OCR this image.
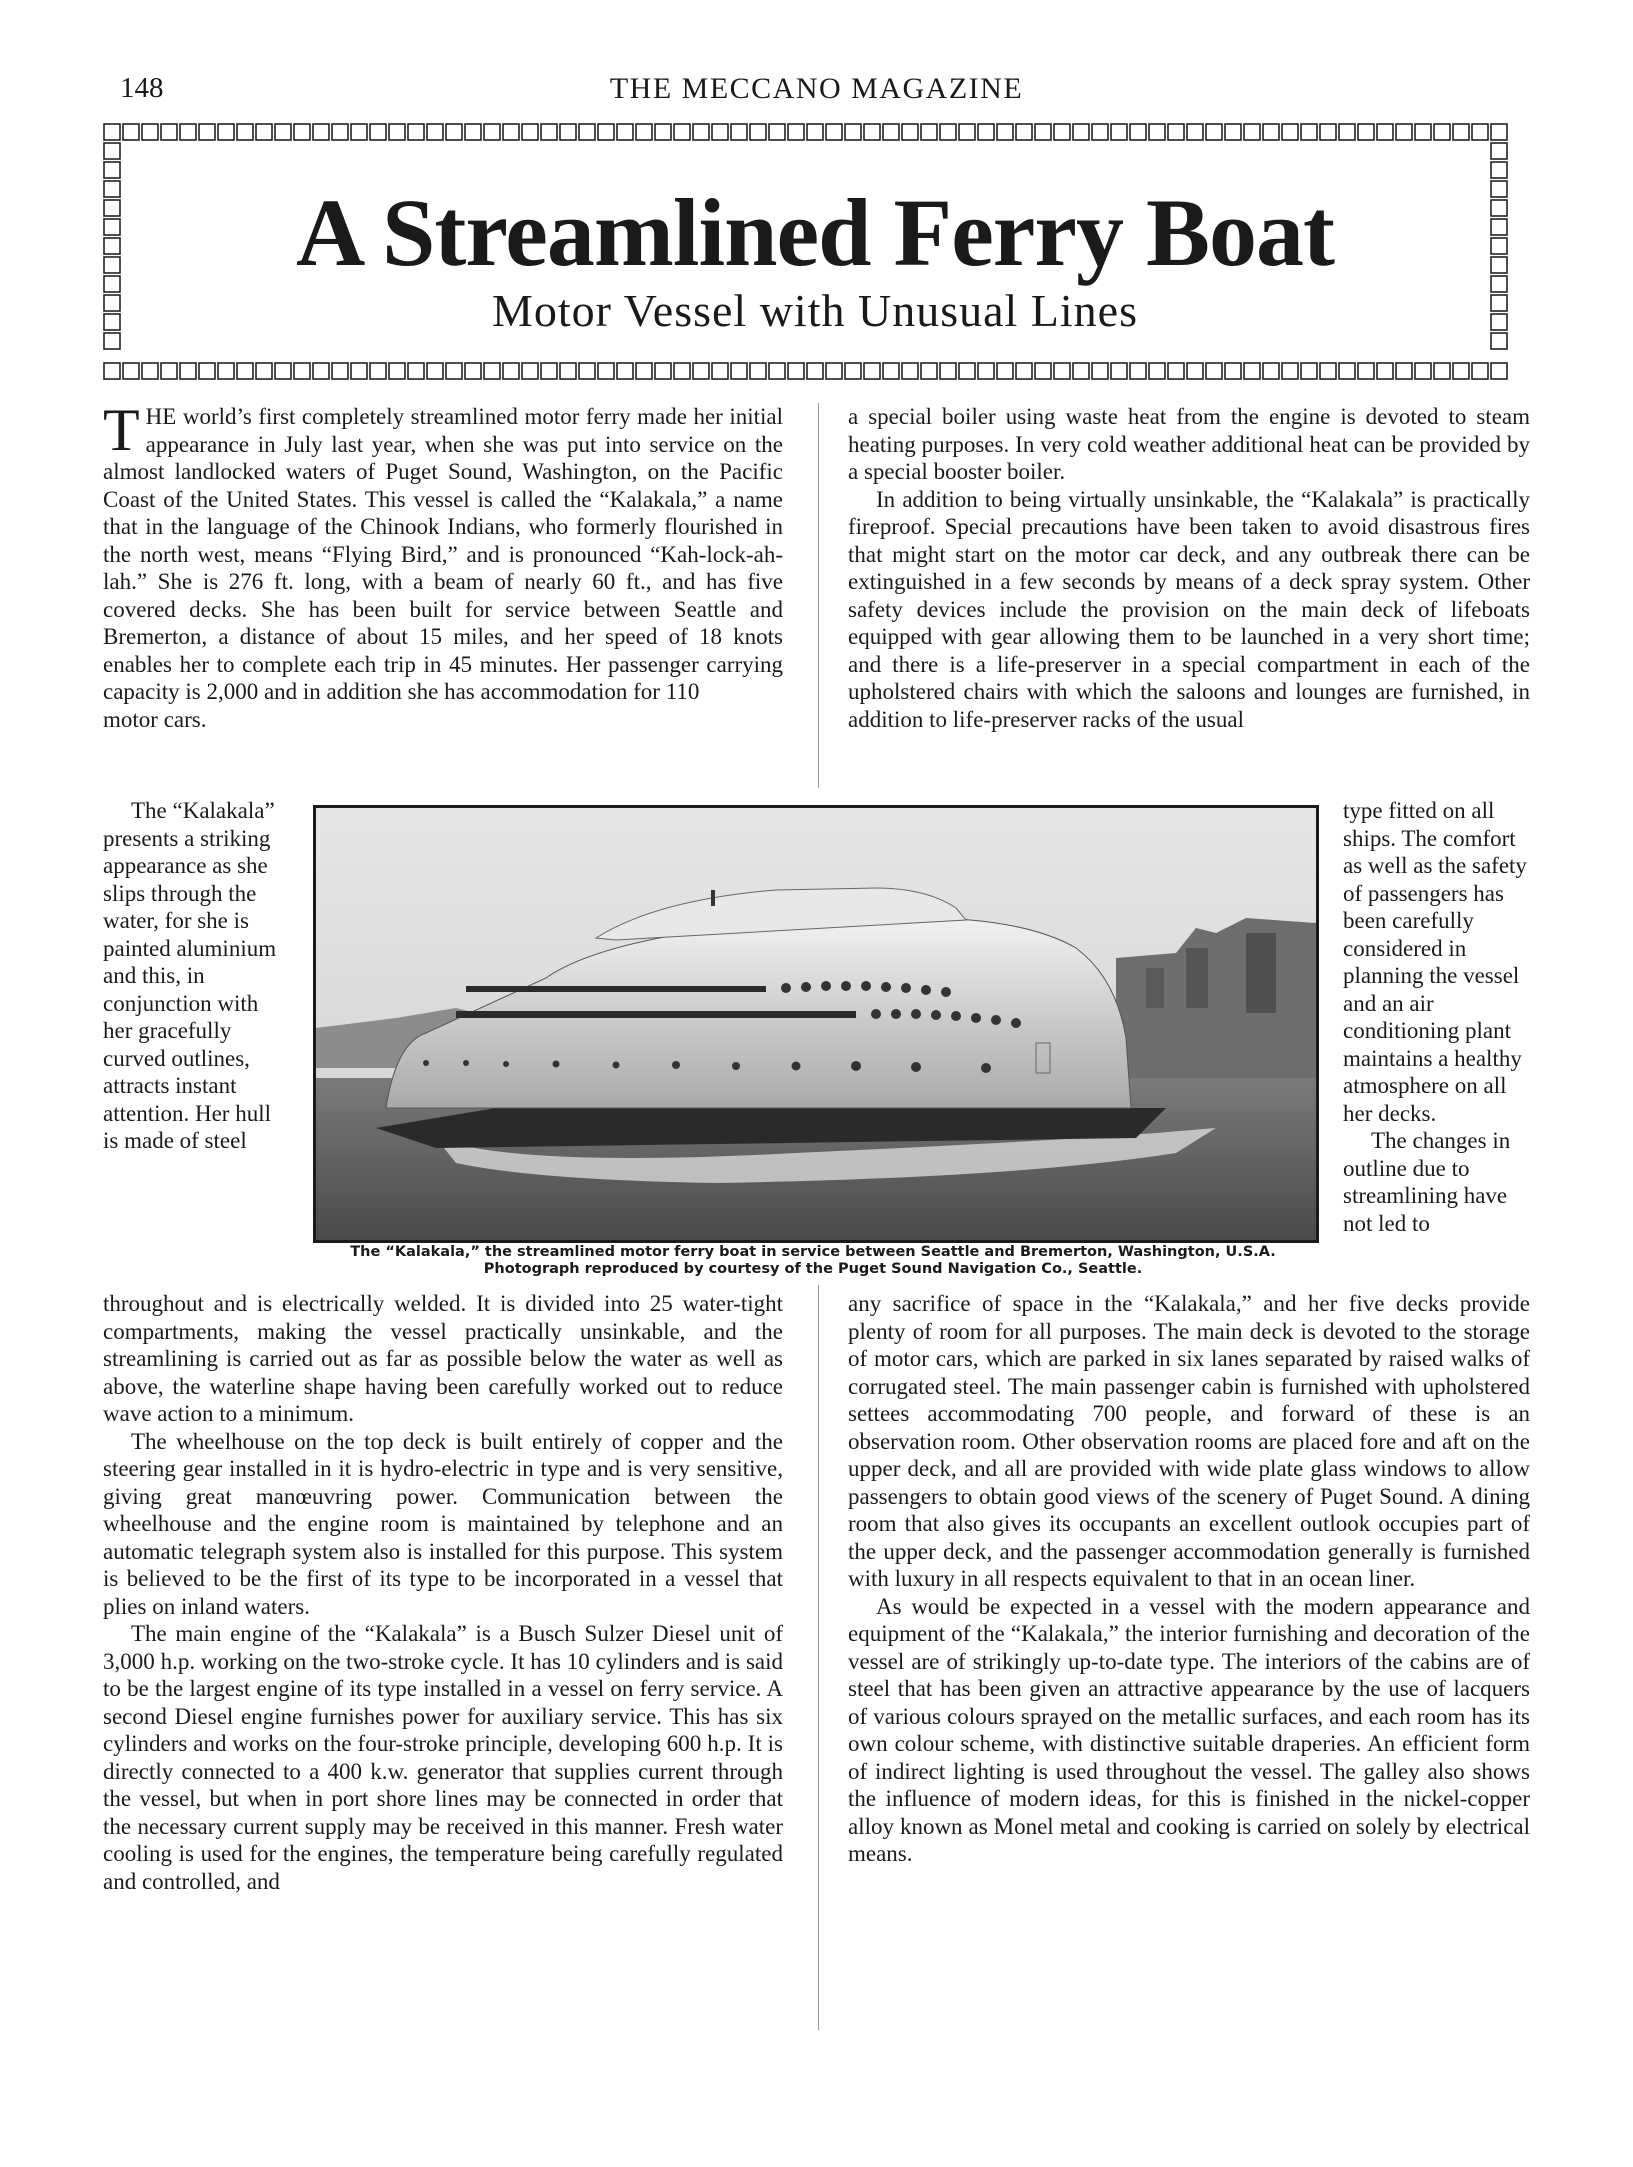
148	THE MECCANO MAGAZINE
A Streamlined Ferry Boat
Motor Vessel with Unusual Lines

THE world’s first completely streamlined motor ferry made her initial appearance in July last year, when she was put into service on the almost landlocked waters of Puget Sound, Washington, on the Pacific Coast of the United States. This vessel is called the “Kalakala,” a name that in the language of the Chinook Indians, who formerly flourished in the north west, means “Flying Bird,” and is pronounced “Kah-lock-ah-lah.” She is 276 ft. long, with a beam of nearly 60 ft., and has five covered decks. She has been built for service between Seattle and Bremerton, a distance of about 15 miles, and her speed of 18 knots enables her to complete each trip in 45 minutes. Her passenger carrying capacity is 2,000 and in addition she has accommodation for 110

motor cars.

The “Kalakala” presents a striking appearance as she slips through the water, for she is painted aluminium and this, in conjunction with her gracefully curved outlines, attracts instant attention. Her hull is made of steel

throughout and is electrically welded. It is divided into 25 water-tight compartments, making the vessel practically unsinkable, and the streamlining is carried out as far as possible below the water as well as above, the waterline shape having been carefully worked out to reduce wave action to a minimum.

The wheelhouse on the top deck is built entirely of copper and the steering gear installed in it is hydro-electric in type and is very sensitive, giving great manœuvring power. Communication between the wheelhouse and the engine room is maintained by telephone and an automatic telegraph system also is installed for this purpose. This system is believed to be the first of its type to be incorporated in a vessel that plies on inland waters.

The main engine of the “Kalakala” is a Busch Sulzer Diesel unit of 3,000 h.p. working on the two-stroke cycle. It has 10 cylinders and is said to be the largest engine of its type installed in a vessel on ferry service. A second Diesel engine furnishes power for auxiliary service. This has six cylinders and works on the four-stroke principle, developing 600 h.p. It is directly connected to a 400 k.w. generator that supplies current through the vessel, but when in port shore lines may be connected in order that the necessary current supply may be received in this manner. Fresh water cooling is used for the engines, the temperature being carefully regulated and controlled, and

a special boiler using waste heat from the engine is devoted to steam heating purposes. In very cold weather additional heat can be provided by a special booster boiler.

In addition to being virtually unsinkable, the “Kalakala” is practically fireproof. Special precautions have been taken to avoid disastrous fires that might start on the motor car deck, and any outbreak there can be extinguished in a few seconds by means of a deck spray system. Other safety devices include the provision on the main deck of lifeboats equipped with gear allowing them to be launched in a very short time; and there is a life-preserver in a special compartment in each of the upholstered chairs with which the saloons and lounges are furnished, in addition to life-preserver racks of the usual

type fitted on all ships. The comfort as well as the safety of passengers has been carefully considered in planning the vessel and an air conditioning plant maintains a healthy atmosphere on all her decks.

The changes in outline due to streamlining have not led to

any sacrifice of space in the “Kalakala,” and her five decks provide plenty of room for all purposes. The main deck is devoted to the storage of motor cars, which are parked in six lanes separated by raised walks of corrugated steel. The main passenger cabin is furnished with upholstered settees accommodating 700 people, and forward of these is an observation room. Other observation rooms are placed fore and aft on the upper deck, and all are provided with wide plate glass windows to allow passengers to obtain good views of the scenery of Puget Sound. A dining room that also gives its occupants an excellent outlook occupies part of the upper deck, and the passenger accommodation generally is furnished with luxury in all respects equivalent to that in an ocean liner.

As would be expected in a vessel with the modern appearance and equipment of the “Kalakala,” the interior furnishing and decoration of the vessel are of strikingly up-to-date type. The interiors of the cabins are of steel that has been given an attractive appearance by the use of lacquers of various colours sprayed on the metallic surfaces, and each room has its own colour scheme, with distinctive suitable draperies. An efficient form of indirect lighting is used throughout the vessel. The galley also shows the influence of modern ideas, for this is finished in the nickel-copper alloy known as Monel metal and cooking is carried on solely by electrical means.

The “Kalakala,” the streamlined motor ferry boat in service between Seattle and Bremerton, Washington, U.S.A. Photograph reproduced by courtesy of the Puget Sound Navigation Co., Seattle.
